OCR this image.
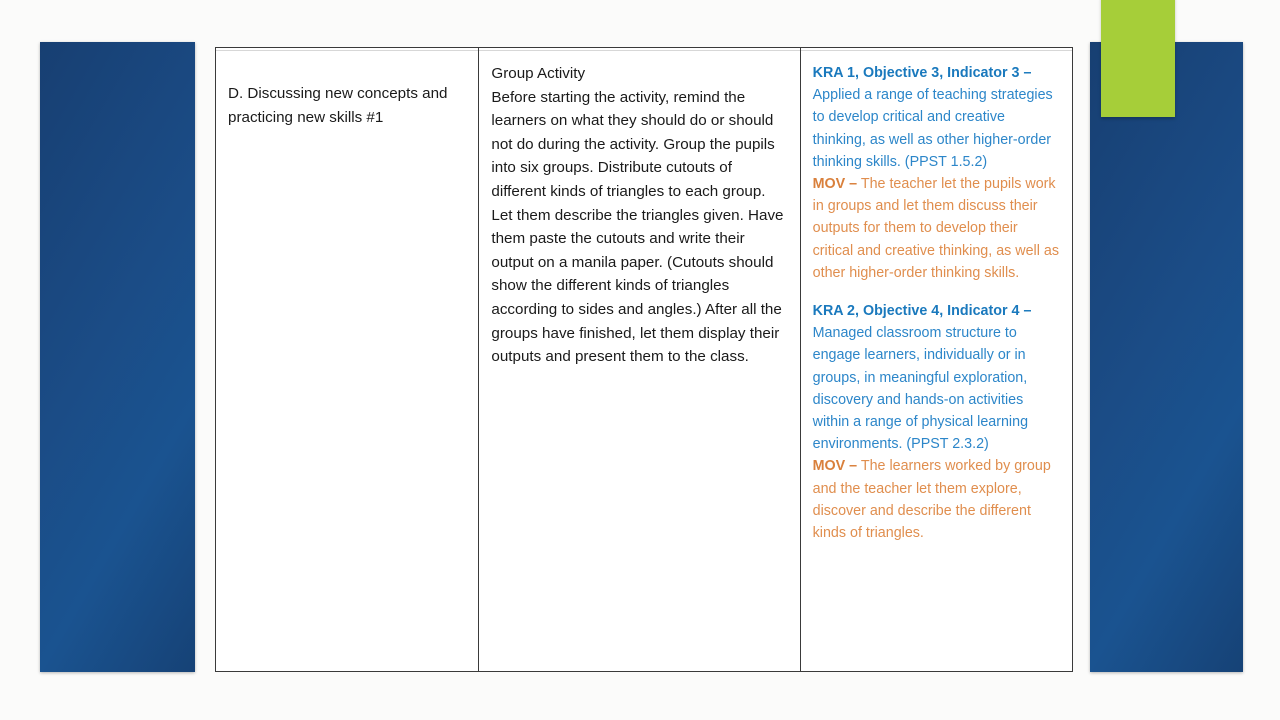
D. Discussing new concepts and practicing new skills #1

Group Activity

Before starting the activity, remind the learners on what they should do or should not do during the activity. Group the pupils into six groups. Distribute cutouts of different kinds of triangles to each group. Let them describe the triangles given. Have them paste the cutouts and write their output on a manila paper. (Cutouts should show the different kinds of triangles according to sides and angles.) After all the groups have finished, let them display their outputs and present them to the class.

KRA 1, Objective 3, Indicator 3 – Applied a range of teaching strategies to develop critical and creative thinking, as well as other higher-order thinking skills. (PPST 1.5.2)

MOV – The teacher let the pupils work in groups and let them discuss their outputs for them to develop their critical and creative thinking, as well as other higher-order thinking skills.

KRA 2, Objective 4, Indicator 4 – Managed classroom structure to engage learners, individually or in groups, in meaningful exploration, discovery and hands-on activities within a range of physical learning environments. (PPST 2.3.2)

MOV – The learners worked by group and the teacher let them explore, discover and describe the different kinds of triangles.
